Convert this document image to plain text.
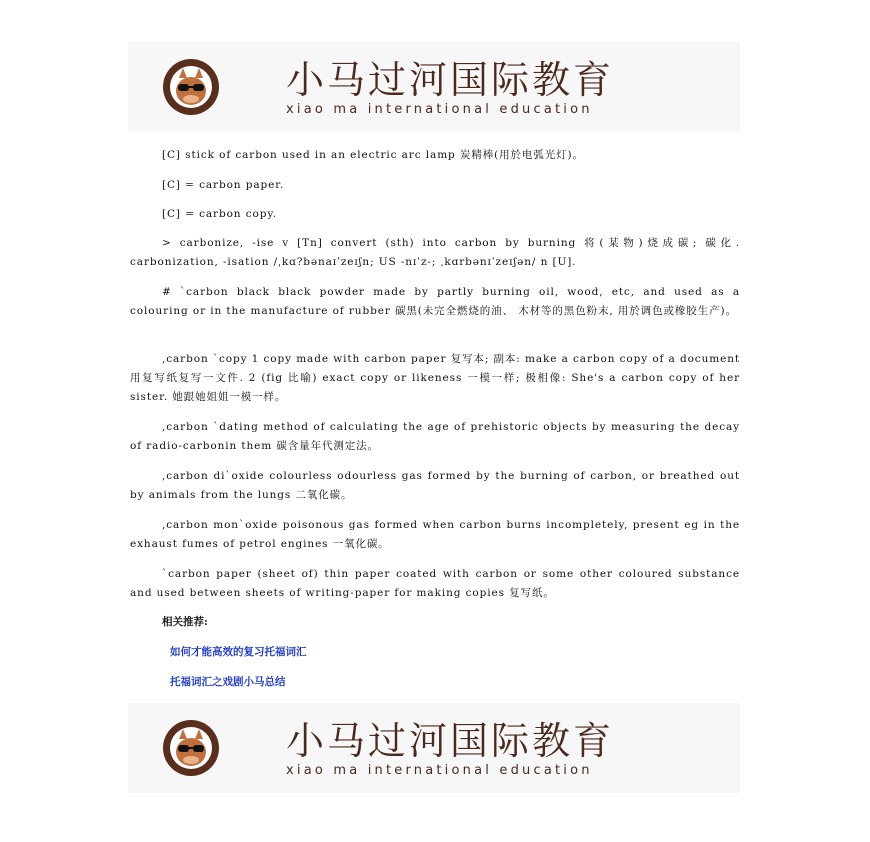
小马过河国际教育
xiao ma international education

[C] stick of carbon used in an electric arc lamp 炭精棒(用於电弧光灯)。

[C] = carbon paper.

[C] = carbon copy.

> carbonize, -ise v [Tn] convert (sth) into carbon by burning 将(某物)烧成碳; 碳化. carbonization, -isation /ˌkɑ?bənaɪˈzeɪʃn; US -nɪˈz-; ˌkɑrbənɪˈzeɪʃən/ n [U].

# `carbon black black powder made by partly burning oil, wood, etc, and used as a colouring or in the manufacture of rubber 碳黑(未完全燃烧的油、 木材等的黑色粉末, 用於调色或橡胶生产)。

,carbon `copy 1 copy made with carbon paper 复写本; 副本: make a carbon copy of a document 用复写纸复写一文件. 2 (fig 比喻) exact copy or likeness 一模一样; 极相像: She's a carbon copy of her sister. 她跟她姐姐一模一样。

,carbon `dating method of calculating the age of prehistoric objects by measuring the decay of radio-carbonin them 碳含量年代测定法。

,carbon di`oxide colourless odourless gas formed by the burning of carbon, or breathed out by animals from the lungs 二氧化碳。

,carbon mon`oxide poisonous gas formed when carbon burns incompletely, present eg in the exhaust fumes of petrol engines 一氧化碳。

`carbon paper (sheet of) thin paper coated with carbon or some other coloured substance and used between sheets of writing-paper for making copies 复写纸。

相关推荐:
如何才能高效的复习托福词汇
托福词汇之戏剧小马总结
小马过河国际教育
xiao ma international education
